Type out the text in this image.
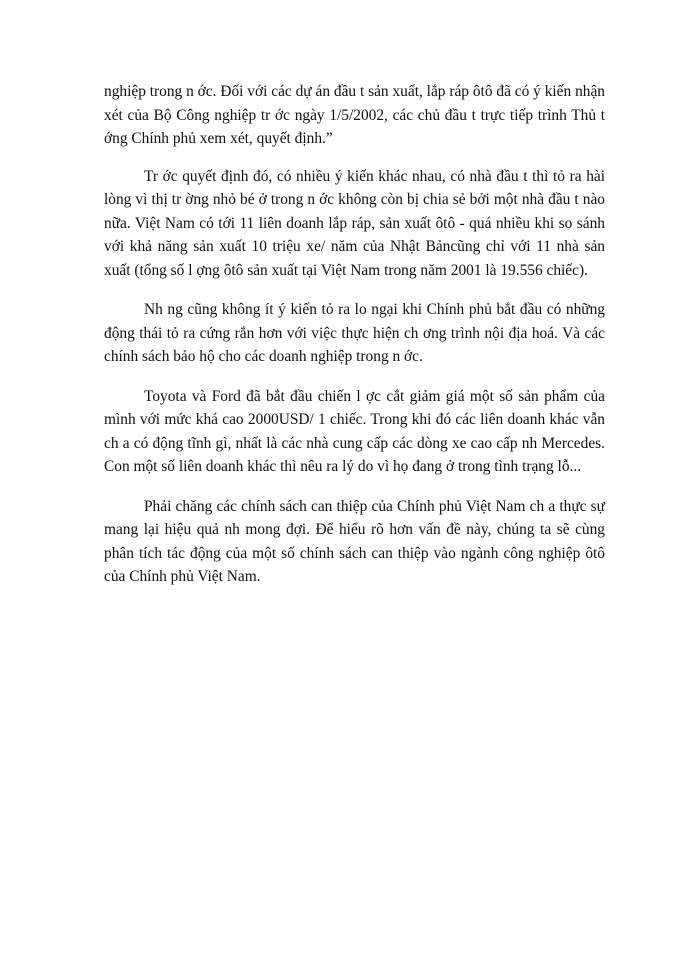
nghiệp trong n ớc. Đối với các dự án đầu t sản xuất, lắp ráp ôtô đã có ý kiến nhận xét của Bộ Công nghiệp tr ớc ngày 1/5/2002, các chủ đầu t trực tiếp trình Thủ t ớng Chính phủ xem xét, quyết định.”

Tr ớc quyết định đó, có nhiều ý kiến khác nhau, có nhà đầu t thì tỏ ra hài lòng vì thị tr ờng nhỏ bé ở trong n ớc không còn bị chia sẻ bởi một nhà đầu t nào nữa. Việt Nam có tới 11 liên doanh lắp ráp, sản xuất ôtô - quá nhiều khi so sánh với khả năng sản xuất 10 triệu xe/ năm của Nhật Bảncũng chỉ với 11 nhà sản xuất (tổng số l ợng ôtô sản xuất tại Việt Nam trong năm 2001 là 19.556 chiếc).

Nh ng cũng không ít ý kiến tỏ ra lo ngại khi Chính phủ bắt đầu có những động thái tỏ ra cứng rắn hơn với việc thực hiện ch ơng trình nội địa hoá. Và các chính sách bảo hộ cho các doanh nghiệp trong n ớc.

Toyota và Ford đã bắt đầu chiến l ợc cắt giảm giá một số sản phẩm của mình với mức khá cao 2000USD/ 1 chiếc. Trong khi đó các liên doanh khác vẫn ch a có động tĩnh gì, nhất là các nhà cung cấp các dòng xe cao cấp nh Mercedes. Con một số liên doanh khác thì nêu ra lý do vì họ đang ở trong tình trạng lỗ...

Phải chăng các chính sách can thiệp của Chính phủ Việt Nam ch a thực sự mang lại hiệu quả nh mong đợi. Để hiểu rõ hơn vấn đề này, chúng ta sẽ cùng phân tích tác động của một số chính sách can thiệp vào ngành công nghiệp ôtô của Chính phủ Việt Nam.
